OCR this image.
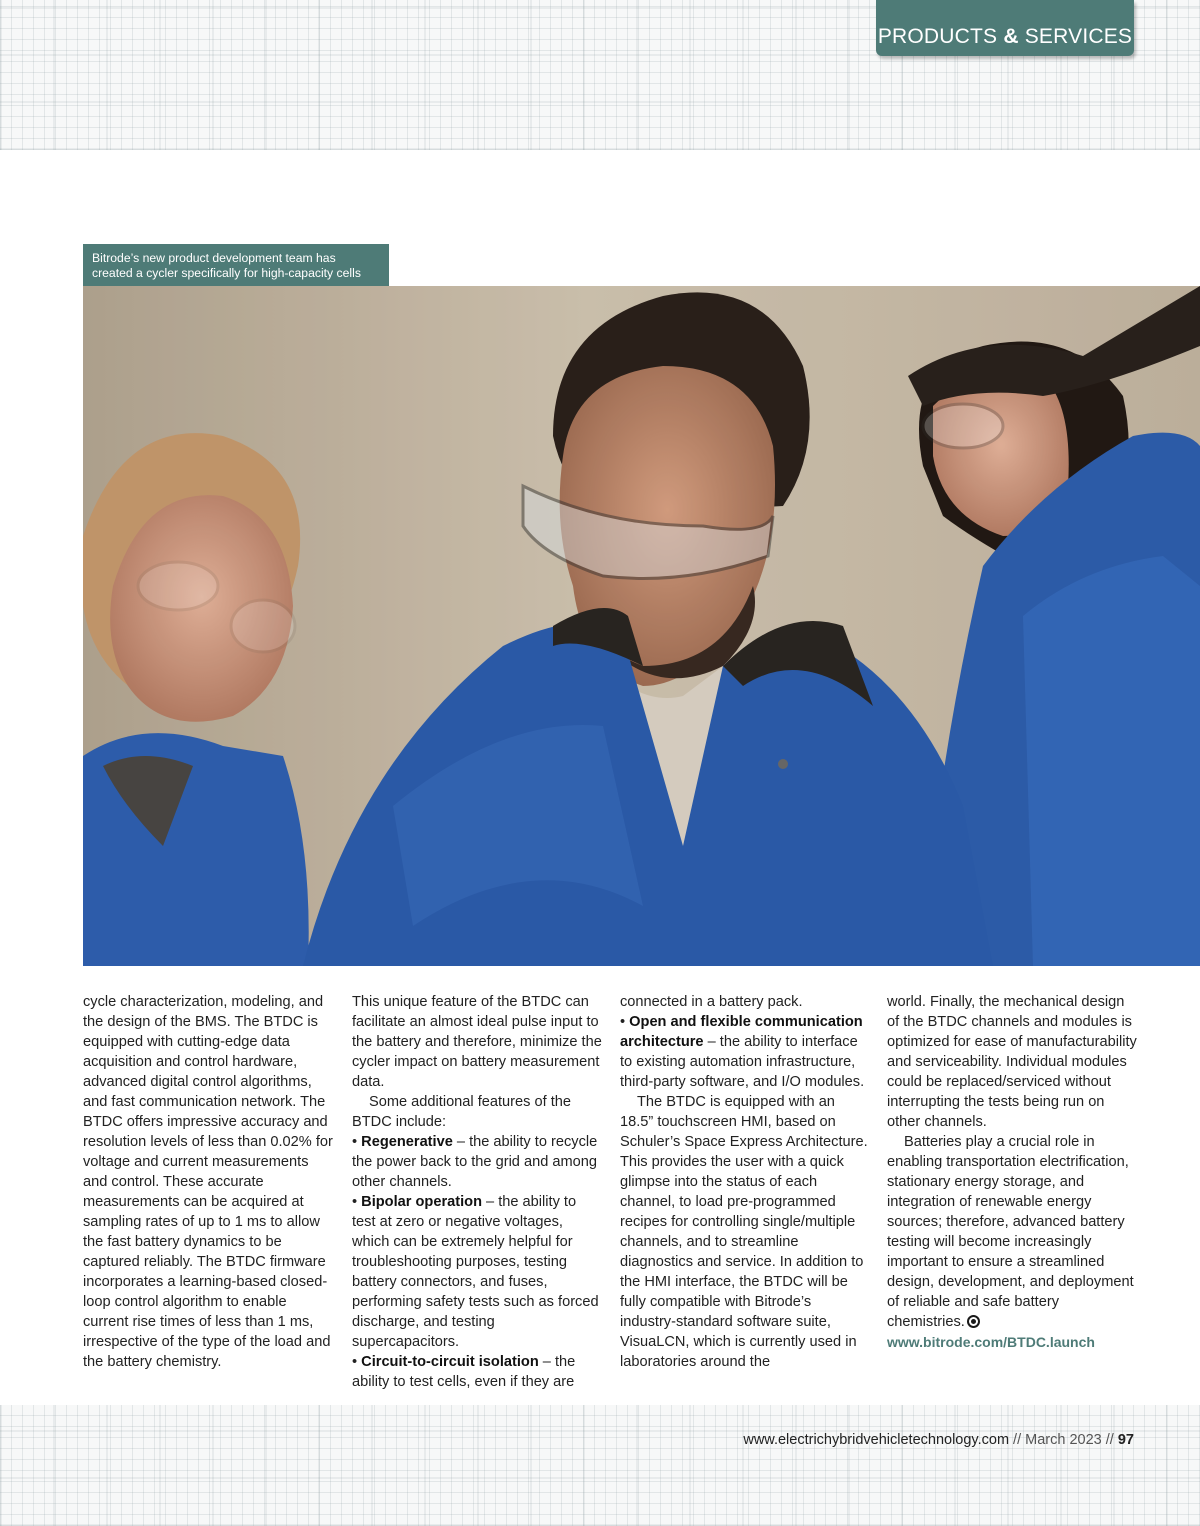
PRODUCTS & SERVICES
Bitrode’s new product development team has
created a cycler specifically for high-capacity cells

cycle characterization, modeling, and the design of the BMS. The BTDC is equipped with cutting-edge data acquisition and control hardware, advanced digital control algorithms, and fast communication network. The BTDC offers impressive accuracy and resolution levels of less than 0.02% for voltage and current measurements and control. These accurate measurements can be acquired at sampling rates of up to 1 ms to allow the fast battery dynamics to be captured reliably. The BTDC firmware incorporates a learning-based closed-loop control algorithm to enable current rise times of less than 1 ms, irrespective of the type of the load and the battery chemistry.

This unique feature of the BTDC can facilitate an almost ideal pulse input to the battery and therefore, minimize the cycler impact on battery measurement data.

Some additional features of the BTDC include:

• Regenerative – the ability to recycle the power back to the grid and among other channels.

• Bipolar operation – the ability to test at zero or negative voltages, which can be extremely helpful for troubleshooting purposes, testing battery connectors, and fuses, performing safety tests such as forced discharge, and testing supercapacitors.

• Circuit-to-circuit isolation – the ability to test cells, even if they are

connected in a battery pack.

• Open and flexible communication architecture – the ability to interface to existing automation infrastructure, third-party software, and I/O modules.

The BTDC is equipped with an 18.5” touchscreen HMI, based on Schuler’s Space Express Architecture. This provides the user with a quick glimpse into the status of each channel, to load pre-programmed recipes for controlling single/multiple channels, and to streamline diagnostics and service. In addition to the HMI interface, the BTDC will be fully compatible with Bitrode’s industry-standard software suite, VisuaLCN, which is currently used in laboratories around the

world. Finally, the mechanical design of the BTDC channels and modules is optimized for ease of manufacturability and serviceability. Individual modules could be replaced/serviced without interrupting the tests being run on other channels.

Batteries play a crucial role in enabling transportation electrification, stationary energy storage, and integration of renewable energy sources; therefore, advanced battery testing will become increasingly important to ensure a streamlined design, development, and deployment of reliable and safe battery chemistries.

www.bitrode.com/BTDC.launch

www.electrichybridvehicletechnology.com // March 2023 // 97
